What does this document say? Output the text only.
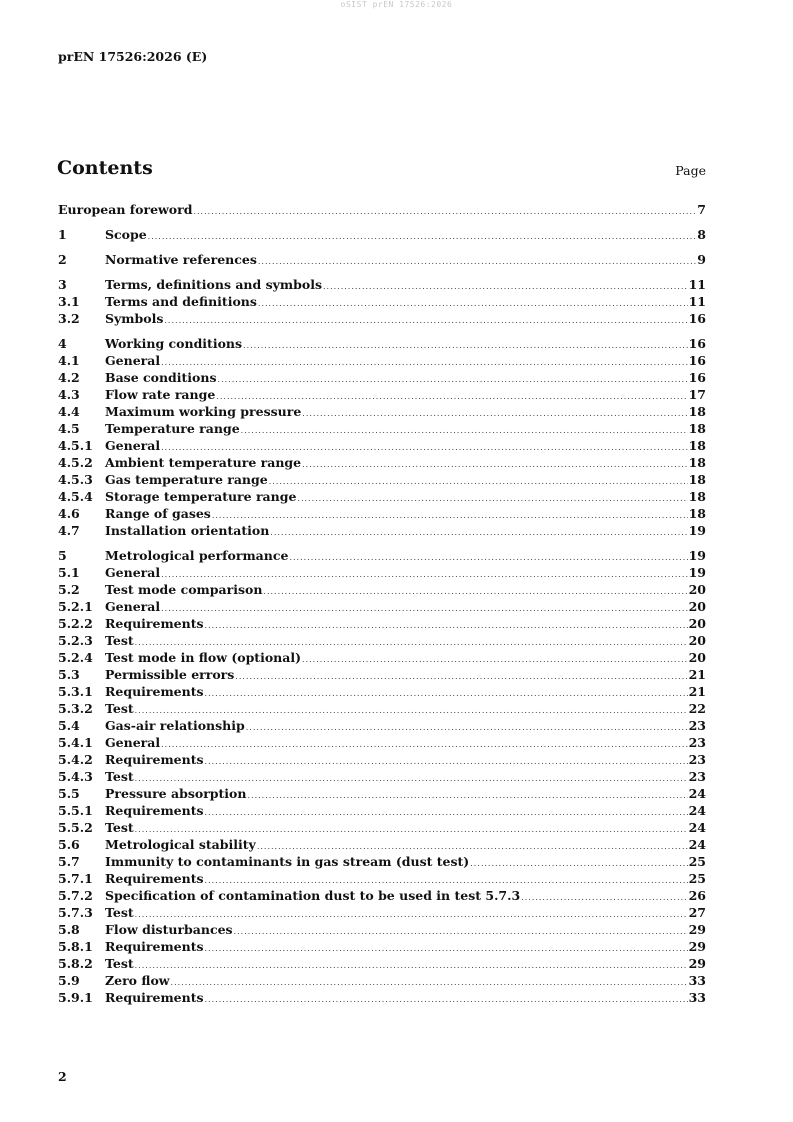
oSIST prEN 17526:2026
prEN 17526:2026 (E)
Contents	Page
European foreword .....	7
1	Scope .....	8
2	Normative references .....	9
3	Terms, definitions and symbols .....	11
3.1	Terms and definitions .....	11
3.2	Symbols .....	16
4	Working conditions .....	16
4.1	General .....	16
4.2	Base conditions .....	16
4.3	Flow rate range .....	17
4.4	Maximum working pressure .....	18
4.5	Temperature range .....	18
4.5.1 General .....	18
4.5.2 Ambient temperature range .....	18
4.5.3 Gas temperature range .....	18
4.5.4 Storage temperature range .....	18
4.6	Range of gases .....	18
4.7	Installation orientation .....	19
5	Metrological performance .....	19
5.1	General .....	19
5.2	Test mode comparison .....	20
5.2.1 General .....	20
5.2.2 Requirements .....	20
5.2.3 Test .....	20
5.2.4 Test mode in flow (optional) .....	20
5.3	Permissible errors .....	21
5.3.1 Requirements .....	21
5.3.2 Test .....	22
5.4	Gas-air relationship .....	23
5.4.1 General .....	23
5.4.2 Requirements .....	23
5.4.3 Test .....	23
5.5	Pressure absorption .....	24
5.5.1 Requirements .....	24
5.5.2 Test .....	24
5.6	Metrological stability .....	24
5.7	Immunity to contaminants in gas stream (dust test) .....	25
5.7.1 Requirements .....	25
5.7.2 Specification of contamination dust to be used in test 5.7.3 .....	26
5.7.3 Test .....	27
5.8	Flow disturbances .....	29
5.8.1 Requirements .....	29
5.8.2 Test .....	29
5.9	Zero flow .....	33
5.9.1 Requirements .....	33
2
